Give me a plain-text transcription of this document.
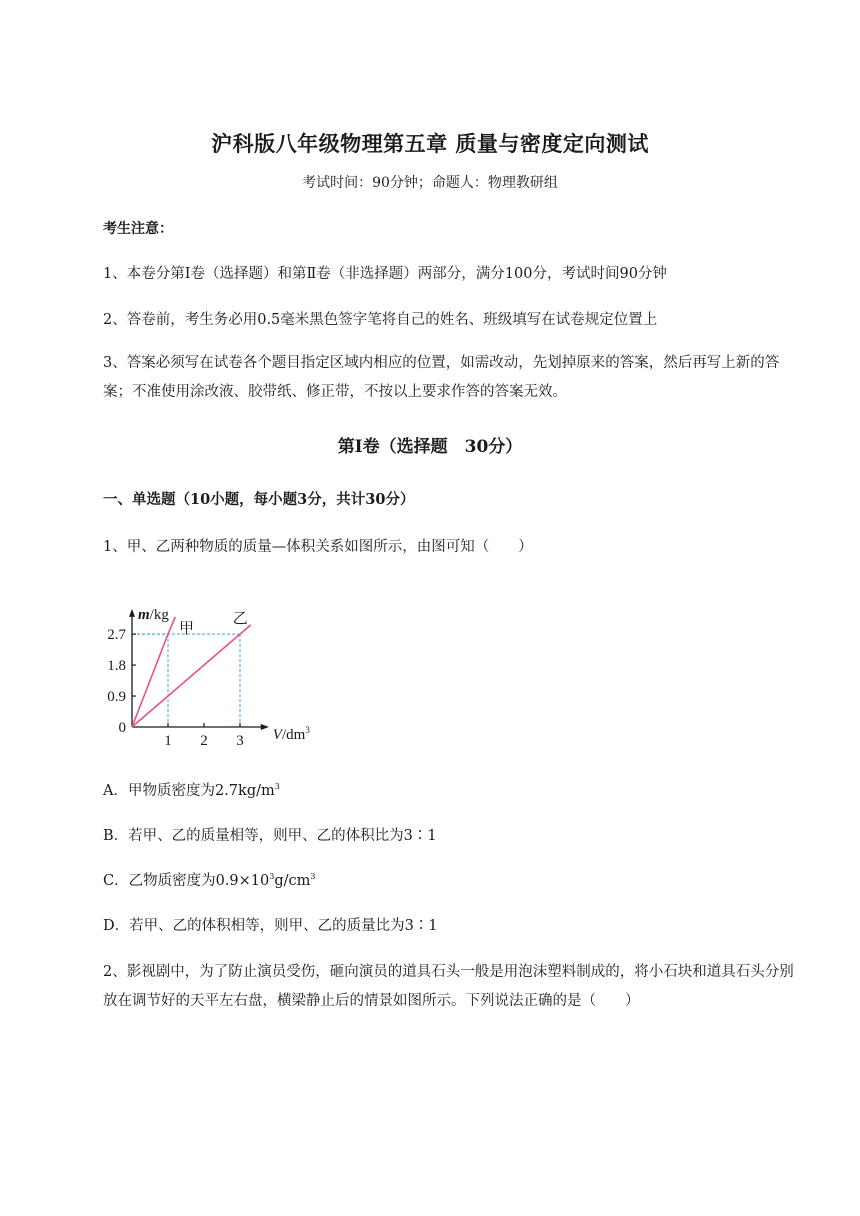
沪科版八年级物理第五章 质量与密度定向测试
考试时间：90分钟；命题人：物理教研组
考生注意：
1、本卷分第Ⅰ卷（选择题）和第Ⅱ卷（非选择题）两部分，满分100分，考试时间90分钟
2、答卷前，考生务必用0.5毫米黑色签字笔将自己的姓名、班级填写在试卷规定位置上
3、答案必须写在试卷各个题目指定区域内相应的位置，如需改动，先划掉原来的答案，然后再写上新的答案；不准使用涂改液、胶带纸、修正带，不按以上要求作答的答案无效。
第Ⅰ卷（选择题　30分）
一、单选题（10小题，每小题3分，共计30分）
1、甲、乙两种物质的质量—体积关系如图所示，由图可知（　　）
1 2 3
0.9
1.8
2.7
0
甲
乙
m/kg
$V/dm^3$
A．甲物质密度为$2.7kg/m^3$
B．若甲、乙的质量相等，则甲、乙的体积比为3∶1
C．乙物质密度为$0.9\times 10^3g/cm^3$
D．若甲、乙的体积相等，则甲、乙的质量比为3∶1
2、影视剧中，为了防止演员受伤，砸向演员的道具石头一般是用泡沫塑料制成的，将小石块和道具石头分别放在调节好的天平左右盘，横梁静止后的情景如图所示。下列说法正确的是（　　）
